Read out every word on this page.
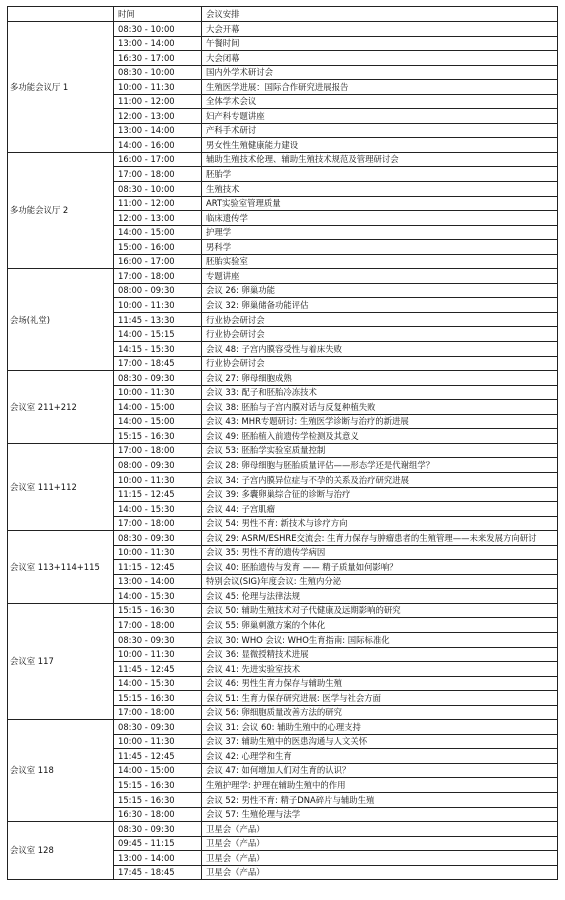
	时间	会议安排
多功能会议厅 1	08:30 - 10:00	大会开幕
	13:00 - 14:00	午餐时间
	16:30 - 17:00	大会闭幕
	08:30 - 10:00	国内外学术研讨会
	10:00 - 11:30	生殖医学进展：国际合作研究进展报告
	11:00 - 12:00	全体学术会议
	12:00 - 13:00	妇产科专题讲座
	13:00 - 14:00	产科手术研讨
	14:00 - 16:00	男女性生殖健康能力建设
多功能会议厅 2	16:00 - 17:00	辅助生殖技术伦理、辅助生殖技术规范及管理研讨会
	17:00 - 18:00	胚胎学
	08:30 - 10:00	生殖技术
	11:00 - 12:00	ART实验室管理质量
	12:00 - 13:00	临床遗传学
	14:00 - 15:00	护理学
	15:00 - 16:00	男科学
	16:00 - 17:00	胚胎实验室
会场(礼堂)	17:00 - 18:00	专题讲座
	08:00 - 09:30	会议 26: 卵巢功能
	10:00 - 11:30	会议 32: 卵巢储备功能评估
	11:45 - 13:30	行业协会研讨会
	14:00 - 15:15	行业协会研讨会
	14:15 - 15:30	会议 48: 子宫内膜容受性与着床失败
	17:00 - 18:45	行业协会研讨会
会议室 211+212	08:30 - 09:30	会议 27: 卵母细胞成熟
	10:00 - 11:30	会议 33: 配子和胚胎冷冻技术
	14:00 - 15:00	会议 38: 胚胎与子宫内膜对话与反复种植失败
	14:00 - 15:00	会议 43: MHR专题研讨: 生殖医学诊断与治疗的新进展
	15:15 - 16:30	会议 49: 胚胎植入前遗传学检测及其意义
会议室 111+112	17:00 - 18:00	会议 53: 胚胎学实验室质量控制
	08:00 - 09:30	会议 28: 卵母细胞与胚胎质量评估——形态学还是代谢组学？
	10:00 - 11:30	会议 34: 子宫内膜异位症与不孕的关系及治疗研究进展
	11:15 - 12:45	会议 39: 多囊卵巢综合征的诊断与治疗
	14:00 - 15:30	会议 44: 子宫肌瘤
	17:00 - 18:00	会议 54: 男性不育: 新技术与诊疗方向
会议室 113+114+115	08:30 - 09:30	会议 29: ASRM/ESHRE交流会: 生育力保存与肿瘤患者的生殖管理——未来发展方向研讨
	10:00 - 11:30	会议 35: 男性不育的遗传学病因
	11:15 - 12:45	会议 40: 胚胎遗传与发育 —— 精子质量如何影响？
	13:00 - 14:00	特别会议(SIG)年度会议: 生殖内分泌
	14:00 - 15:30	会议 45: 伦理与法律法规
会议室 117	15:15 - 16:30	会议 50: 辅助生殖技术对子代健康及远期影响的研究
	17:00 - 18:00	会议 55: 卵巢刺激方案的个体化
	08:30 - 09:30	会议 30: WHO 会议: WHO生育指南: 国际标准化
	10:00 - 11:30	会议 36: 显微授精技术进展
	11:45 - 12:45	会议 41: 先进实验室技术
	14:00 - 15:30	会议 46: 男性生育力保存与辅助生殖
	15:15 - 16:30	会议 51: 生育力保存研究进展: 医学与社会方面
	17:00 - 18:00	会议 56: 卵细胞质量改善方法的研究
会议室 118	08:30 - 09:30	会议 31: 会议 60: 辅助生殖中的心理支持
	10:00 - 11:30	会议 37: 辅助生殖中的医患沟通与人文关怀
	11:45 - 12:45	会议 42: 心理学和生育
	14:00 - 15:00	会议 47: 如何增加人们对生育的认识？
	15:15 - 16:30	生殖护理学: 护理在辅助生殖中的作用
	15:15 - 16:30	会议 52: 男性不育: 精子DNA碎片与辅助生殖
	16:30 - 18:00	会议 57: 生殖伦理与法学
会议室 128	08:30 - 09:30	卫星会（产品）
	09:45 - 11:15	卫星会（产品）
	13:00 - 14:00	卫星会（产品）
	17:45 - 18:45	卫星会（产品）
